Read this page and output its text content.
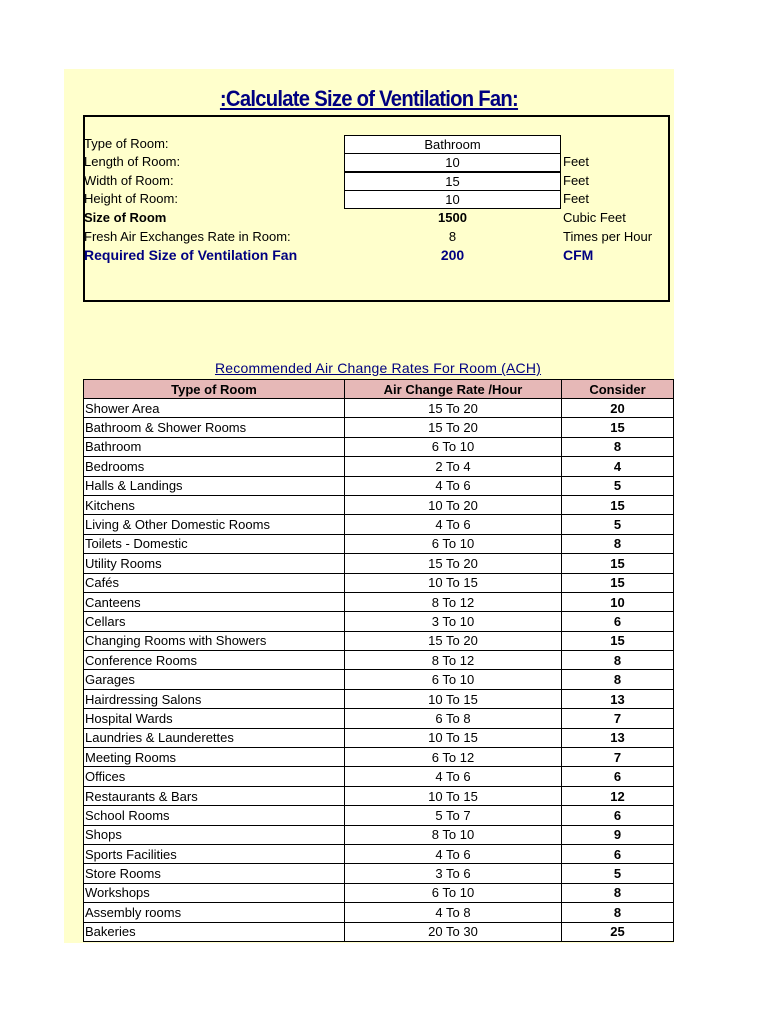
:Calculate Size of Ventilation Fan:
Type of Room:	Bathroom
Length of Room:	10	Feet
Width of Room:	15	Feet
Height of Room:	10	Feet
Size of Room	1500	Cubic Feet
Fresh Air Exchanges Rate in Room:	8	Times per Hour
Required Size of Ventilation Fan	200	CFM
Recommended Air Change Rates For Room (ACH)
Type of Room	Air Change Rate /Hour	Consider
Shower Area	15 To 20	20
Bathroom & Shower Rooms	15 To 20	15
Bathroom	6 To 10	8
Bedrooms	2 To 4	4
Halls & Landings	4 To 6	5
Kitchens	10 To 20	15
Living & Other Domestic Rooms	4 To 6	5
Toilets - Domestic	6 To 10	8
Utility Rooms	15 To 20	15
Cafés	10 To 15	15
Canteens	8 To 12	10
Cellars	3 To 10	6
Changing Rooms with Showers	15 To 20	15
Conference Rooms	8 To 12	8
Garages	6 To 10	8
Hairdressing Salons	10 To 15	13
Hospital Wards	6 To 8	7
Laundries & Launderettes	10 To 15	13
Meeting Rooms	6 To 12	7
Offices	4 To 6	6
Restaurants & Bars	10 To 15	12
School Rooms	5 To 7	6
Shops	8 To 10	9
Sports Facilities	4 To 6	6
Store Rooms	3 To 6	5
Workshops	6 To 10	8
Assembly rooms	4 To 8	8
Bakeries	20 To 30	25
